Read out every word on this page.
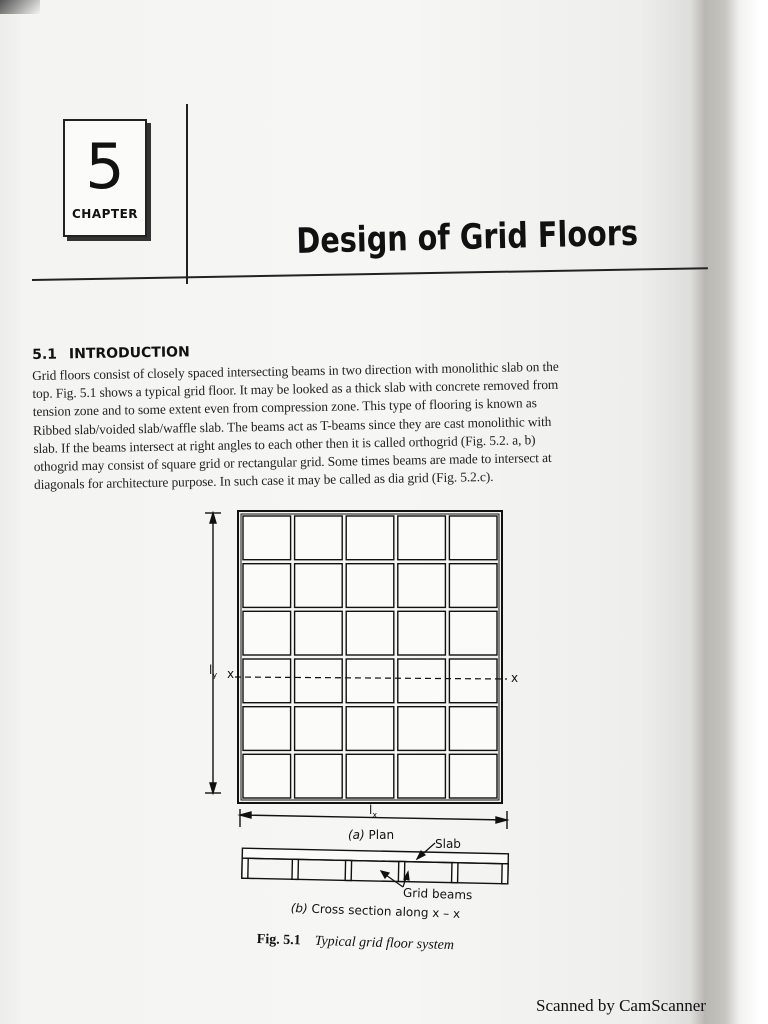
5
CHAPTER	Design of Grid Floors
5.1 INTRODUCTION
Grid floors consist of closely spaced intersecting beams in two direction with monolithic slab on the
top. Fig. 5.1 shows a typical grid floor. It may be looked as a thick slab with concrete removed from
tension zone and to some extent even from compression zone. This type of flooring is known as
Ribbed slab/voided slab/waffle slab. The beams act as T-beams since they are cast monolithic with
slab. If the beams intersect at right angles to each other then it is called orthogrid (Fig. 5.2. a, b)
othogrid may consist of square grid or rectangular grid. Some times beams are made to intersect at
diagonals for architecture purpose. In such case it may be called as dia grid (Fig. 5.2.c).
$l_y$ x	x
$l_x$
(a) Plan
Slab
Grid beams
(b) Cross section along x – x
Fig. 5.1 Typical grid floor system
Scanned by CamScanner
